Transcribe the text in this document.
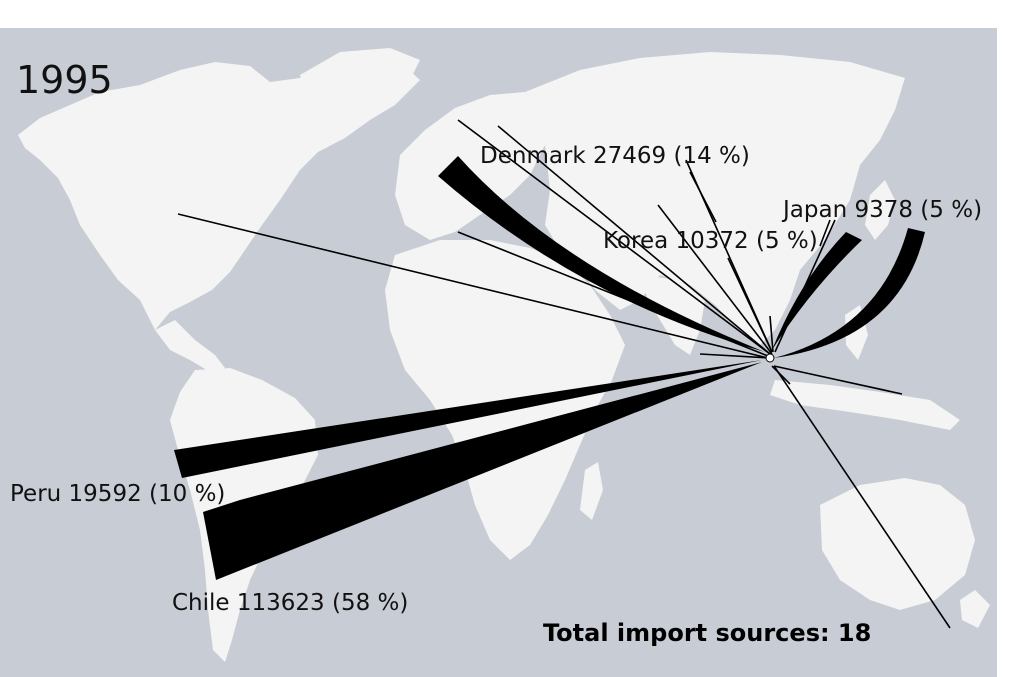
1995
Denmark 27469 (14 %)
Japan 9378 (5 %)
Korea 10372 (5 %)
Peru 19592 (10 %)
Chile 113623 (58 %)
Total import sources: 18
